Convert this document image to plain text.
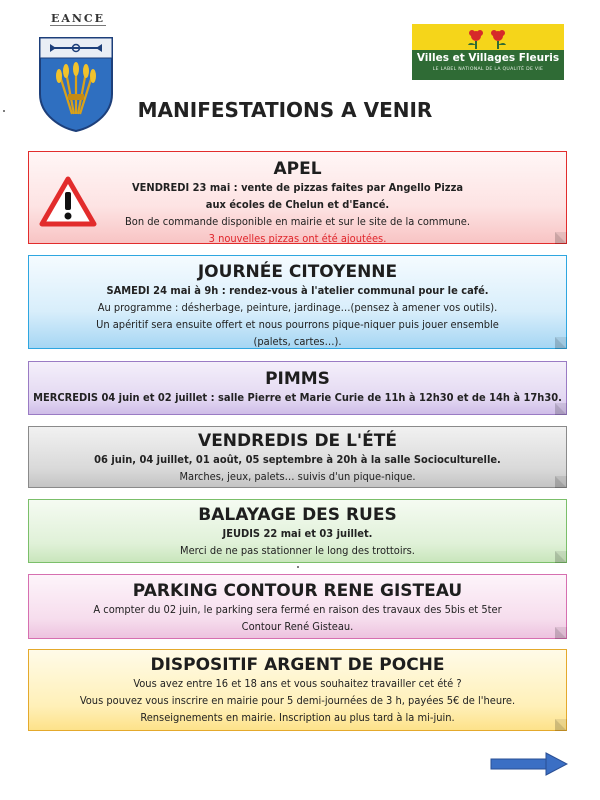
EANCE
Villes et Villages Fleuris
LE LABEL NATIONAL DE LA QUALITÉ DE VIE
MANIFESTATIONS A VENIR
APEL

VENDREDI 23 mai : vente de pizzas faites par Angello Pizza

aux écoles de Chelun et d'Eancé.

Bon de commande disponible en mairie et sur le site de la commune.

3 nouvelles pizzas ont été ajoutées.

JOURNÉE CITOYENNE

SAMEDI 24 mai à 9h : rendez-vous à l'atelier communal pour le café.

Au programme : désherbage, peinture, jardinage…(pensez à amener vos outils).

Un apéritif sera ensuite offert et nous pourrons pique-niquer puis jouer ensemble

(palets, cartes…).

PIMMS

MERCREDIS 04 juin et 02 juillet : salle Pierre et Marie Curie de 11h à 12h30 et de 14h à 17h30.

VENDREDIS DE L'ÉTÉ

06 juin, 04 juillet, 01 août, 05 septembre à 20h à la salle Socioculturelle.

Marches, jeux, palets… suivis d'un pique-nique.

BALAYAGE DES RUES

JEUDIS 22 mai et 03 juillet.

Merci de ne pas stationner le long des trottoirs.

PARKING CONTOUR RENE GISTEAU

A compter du 02 juin, le parking sera fermé en raison des travaux des 5bis et 5ter

Contour René Gisteau.

DISPOSITIF ARGENT DE POCHE

Vous avez entre 16 et 18 ans et vous souhaitez travailler cet été ?

Vous pouvez vous inscrire en mairie pour 5 demi-journées de 3 h, payées 5€ de l'heure.

Renseignements en mairie. Inscription au plus tard à la mi-juin.
